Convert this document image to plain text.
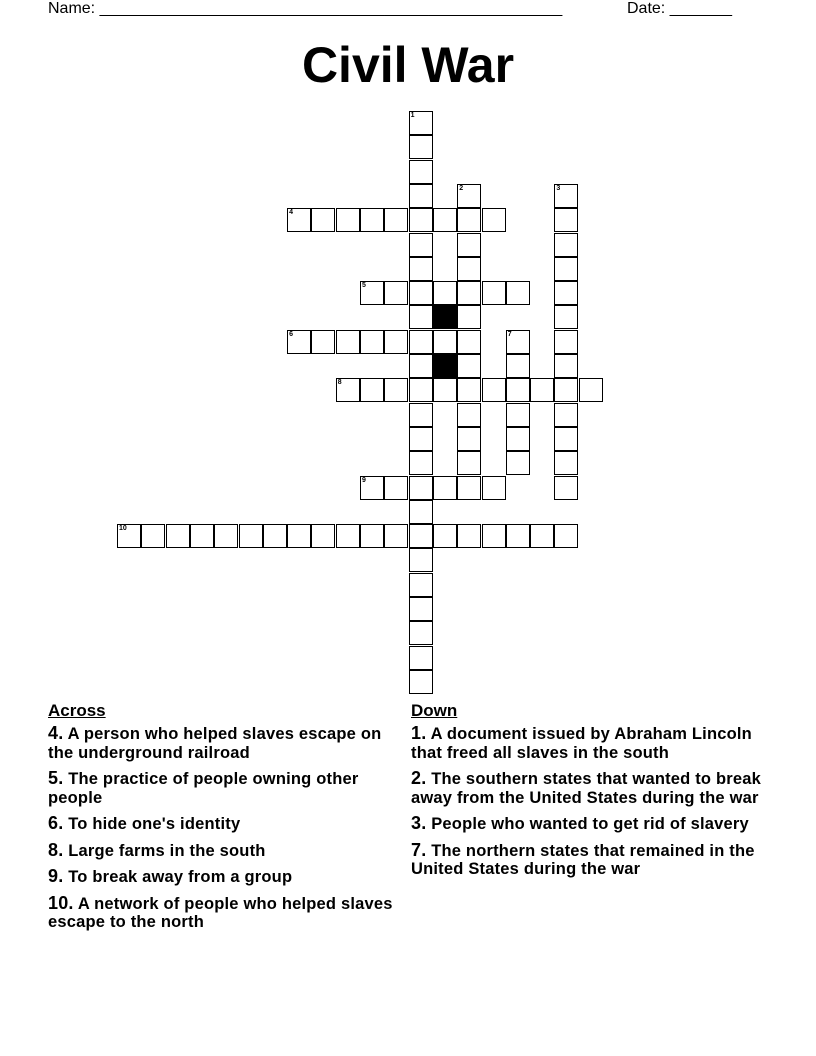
Name: ____________________________________________________	Date: _______
Civil War
1
2	3
4
5
6	7
8
9
10
Across
4. A person who helped slaves escape on the underground railroad
5. The practice of people owning other people
6. To hide one's identity
8. Large farms in the south
9. To break away from a group
10. A network of people who helped slaves escape to the north
Down
1. A document issued by Abraham Lincoln that freed all slaves in the south
2. The southern states that wanted to break away from the United States during the war
3. People who wanted to get rid of slavery
7. The northern states that remained in the United States during the war
